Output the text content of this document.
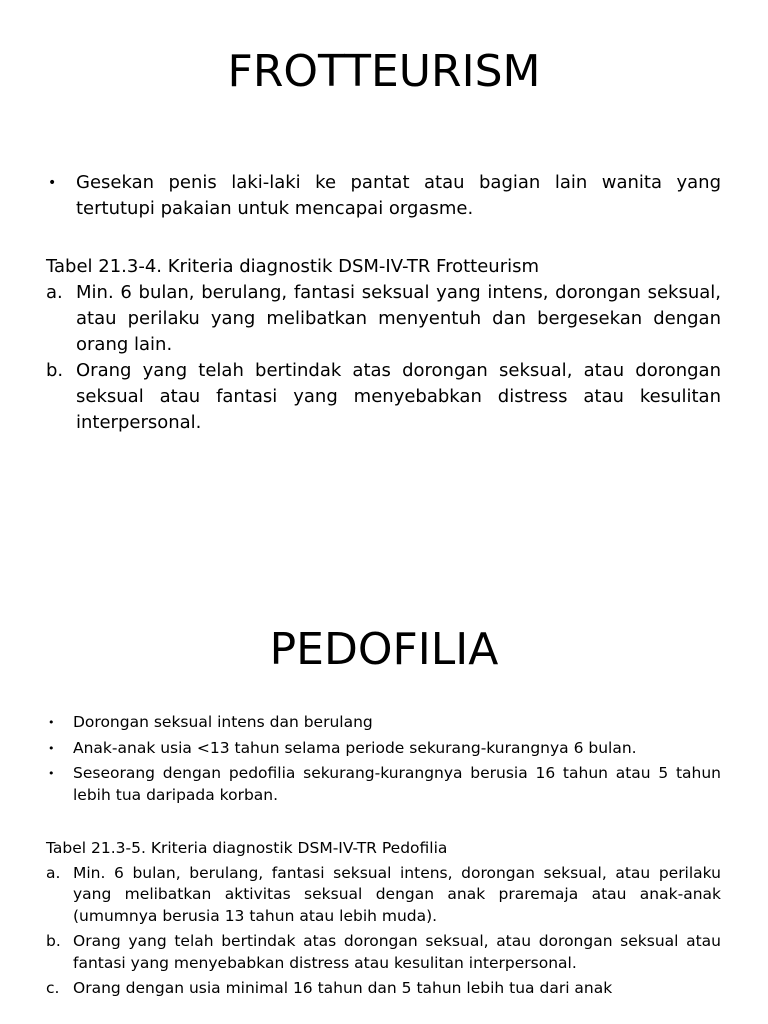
FROTTEURISM
• Gesekan penis laki-laki ke pantat atau bagian lain wanita yang tertutupi pakaian untuk mencapai orgasme.

Tabel 21.3-4. Kriteria diagnostik DSM-IV-TR Frotteurism

a. Min. 6 bulan, berulang, fantasi seksual yang intens, dorongan seksual, atau perilaku yang melibatkan menyentuh dan bergesekan dengan orang lain.
b. Orang yang telah bertindak atas dorongan seksual, atau dorongan seksual atau fantasi yang menyebabkan distress atau kesulitan interpersonal.
PEDOFILIA
• Dorongan seksual intens dan berulang
• Anak-anak usia <13 tahun selama periode sekurang-kurangnya 6 bulan.
• Seseorang dengan pedofilia sekurang-kurangnya berusia 16 tahun atau 5 tahun lebih tua daripada korban.

Tabel 21.3-5. Kriteria diagnostik DSM-IV-TR Pedofilia

a. Min. 6 bulan, berulang, fantasi seksual intens, dorongan seksual, atau perilaku yang melibatkan aktivitas seksual dengan anak praremaja atau anak-anak (umumnya berusia 13 tahun atau lebih muda).
b. Orang yang telah bertindak atas dorongan seksual, atau dorongan seksual atau fantasi yang menyebabkan distress atau kesulitan interpersonal.
c. Orang dengan usia minimal 16 tahun dan 5 tahun lebih tua dari anak
